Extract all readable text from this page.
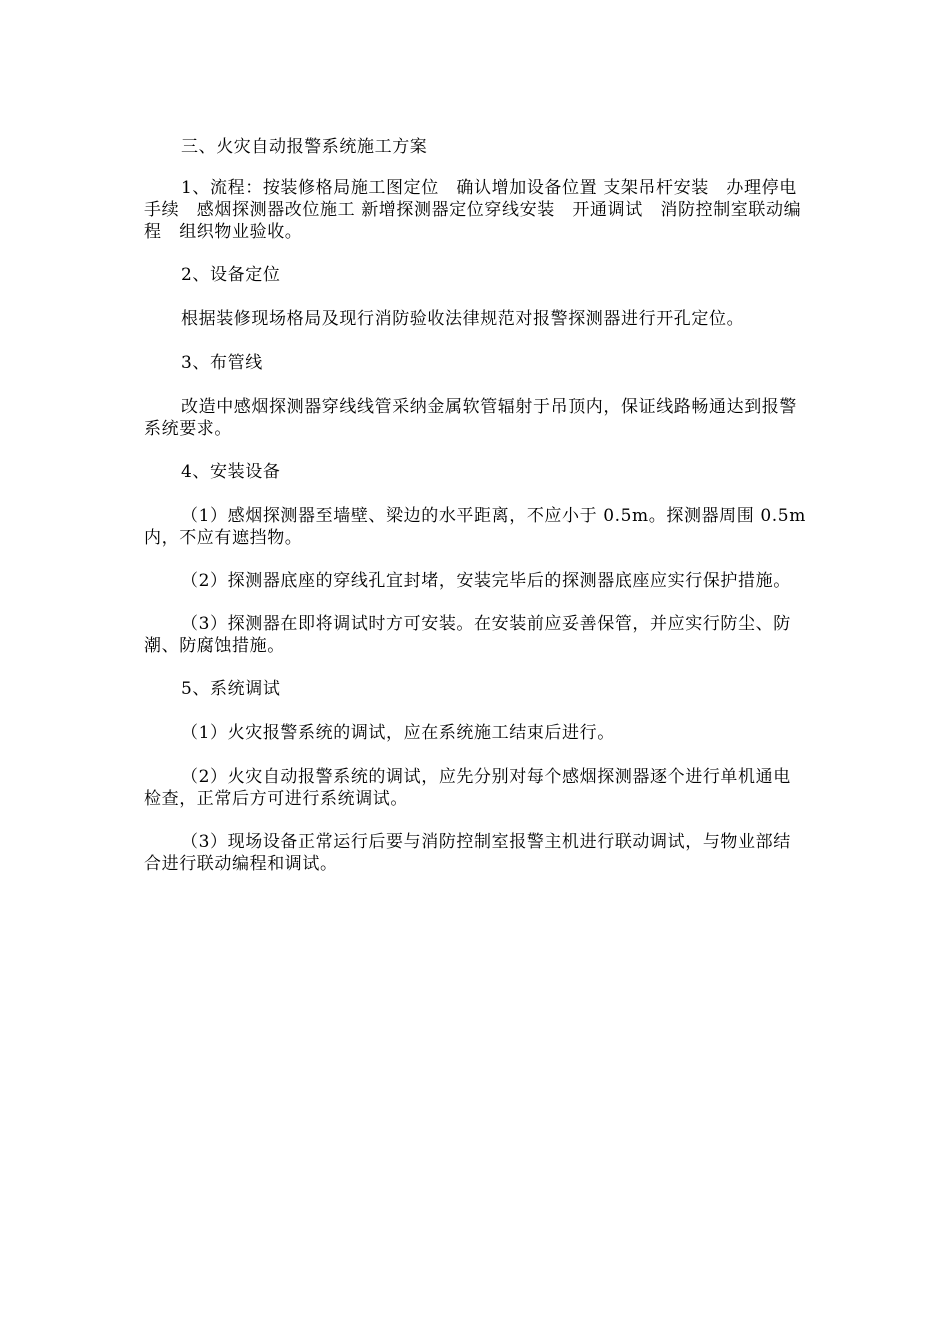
三、火灾自动报警系统施工方案

1、流程：按装修格局施工图定位　确认增加设备位置 支架吊杆安装　办理停电手续　感烟探测器改位施工 新增探测器定位穿线安装　开通调试　消防控制室联动编程　组织物业验收。

2、设备定位

根据装修现场格局及现行消防验收法律规范对报警探测器进行开孔定位。

3、布管线

改造中感烟探测器穿线线管采纳金属软管辐射于吊顶内，保证线路畅通达到报警系统要求。

4、安装设备

（1）感烟探测器至墙壁、梁边的水平距离，不应小于 0.5m。探测器周围 0.5m 内，不应有遮挡物。

（2）探测器底座的穿线孔宜封堵，安装完毕后的探测器底座应实行保护措施。

（3）探测器在即将调试时方可安装。在安装前应妥善保管，并应实行防尘、防潮、防腐蚀措施。

5、系统调试

（1）火灾报警系统的调试，应在系统施工结束后进行。

（2）火灾自动报警系统的调试，应先分别对每个感烟探测器逐个进行单机通电检查，正常后方可进行系统调试。

（3）现场设备正常运行后要与消防控制室报警主机进行联动调试，与物业部结合进行联动编程和调试。
